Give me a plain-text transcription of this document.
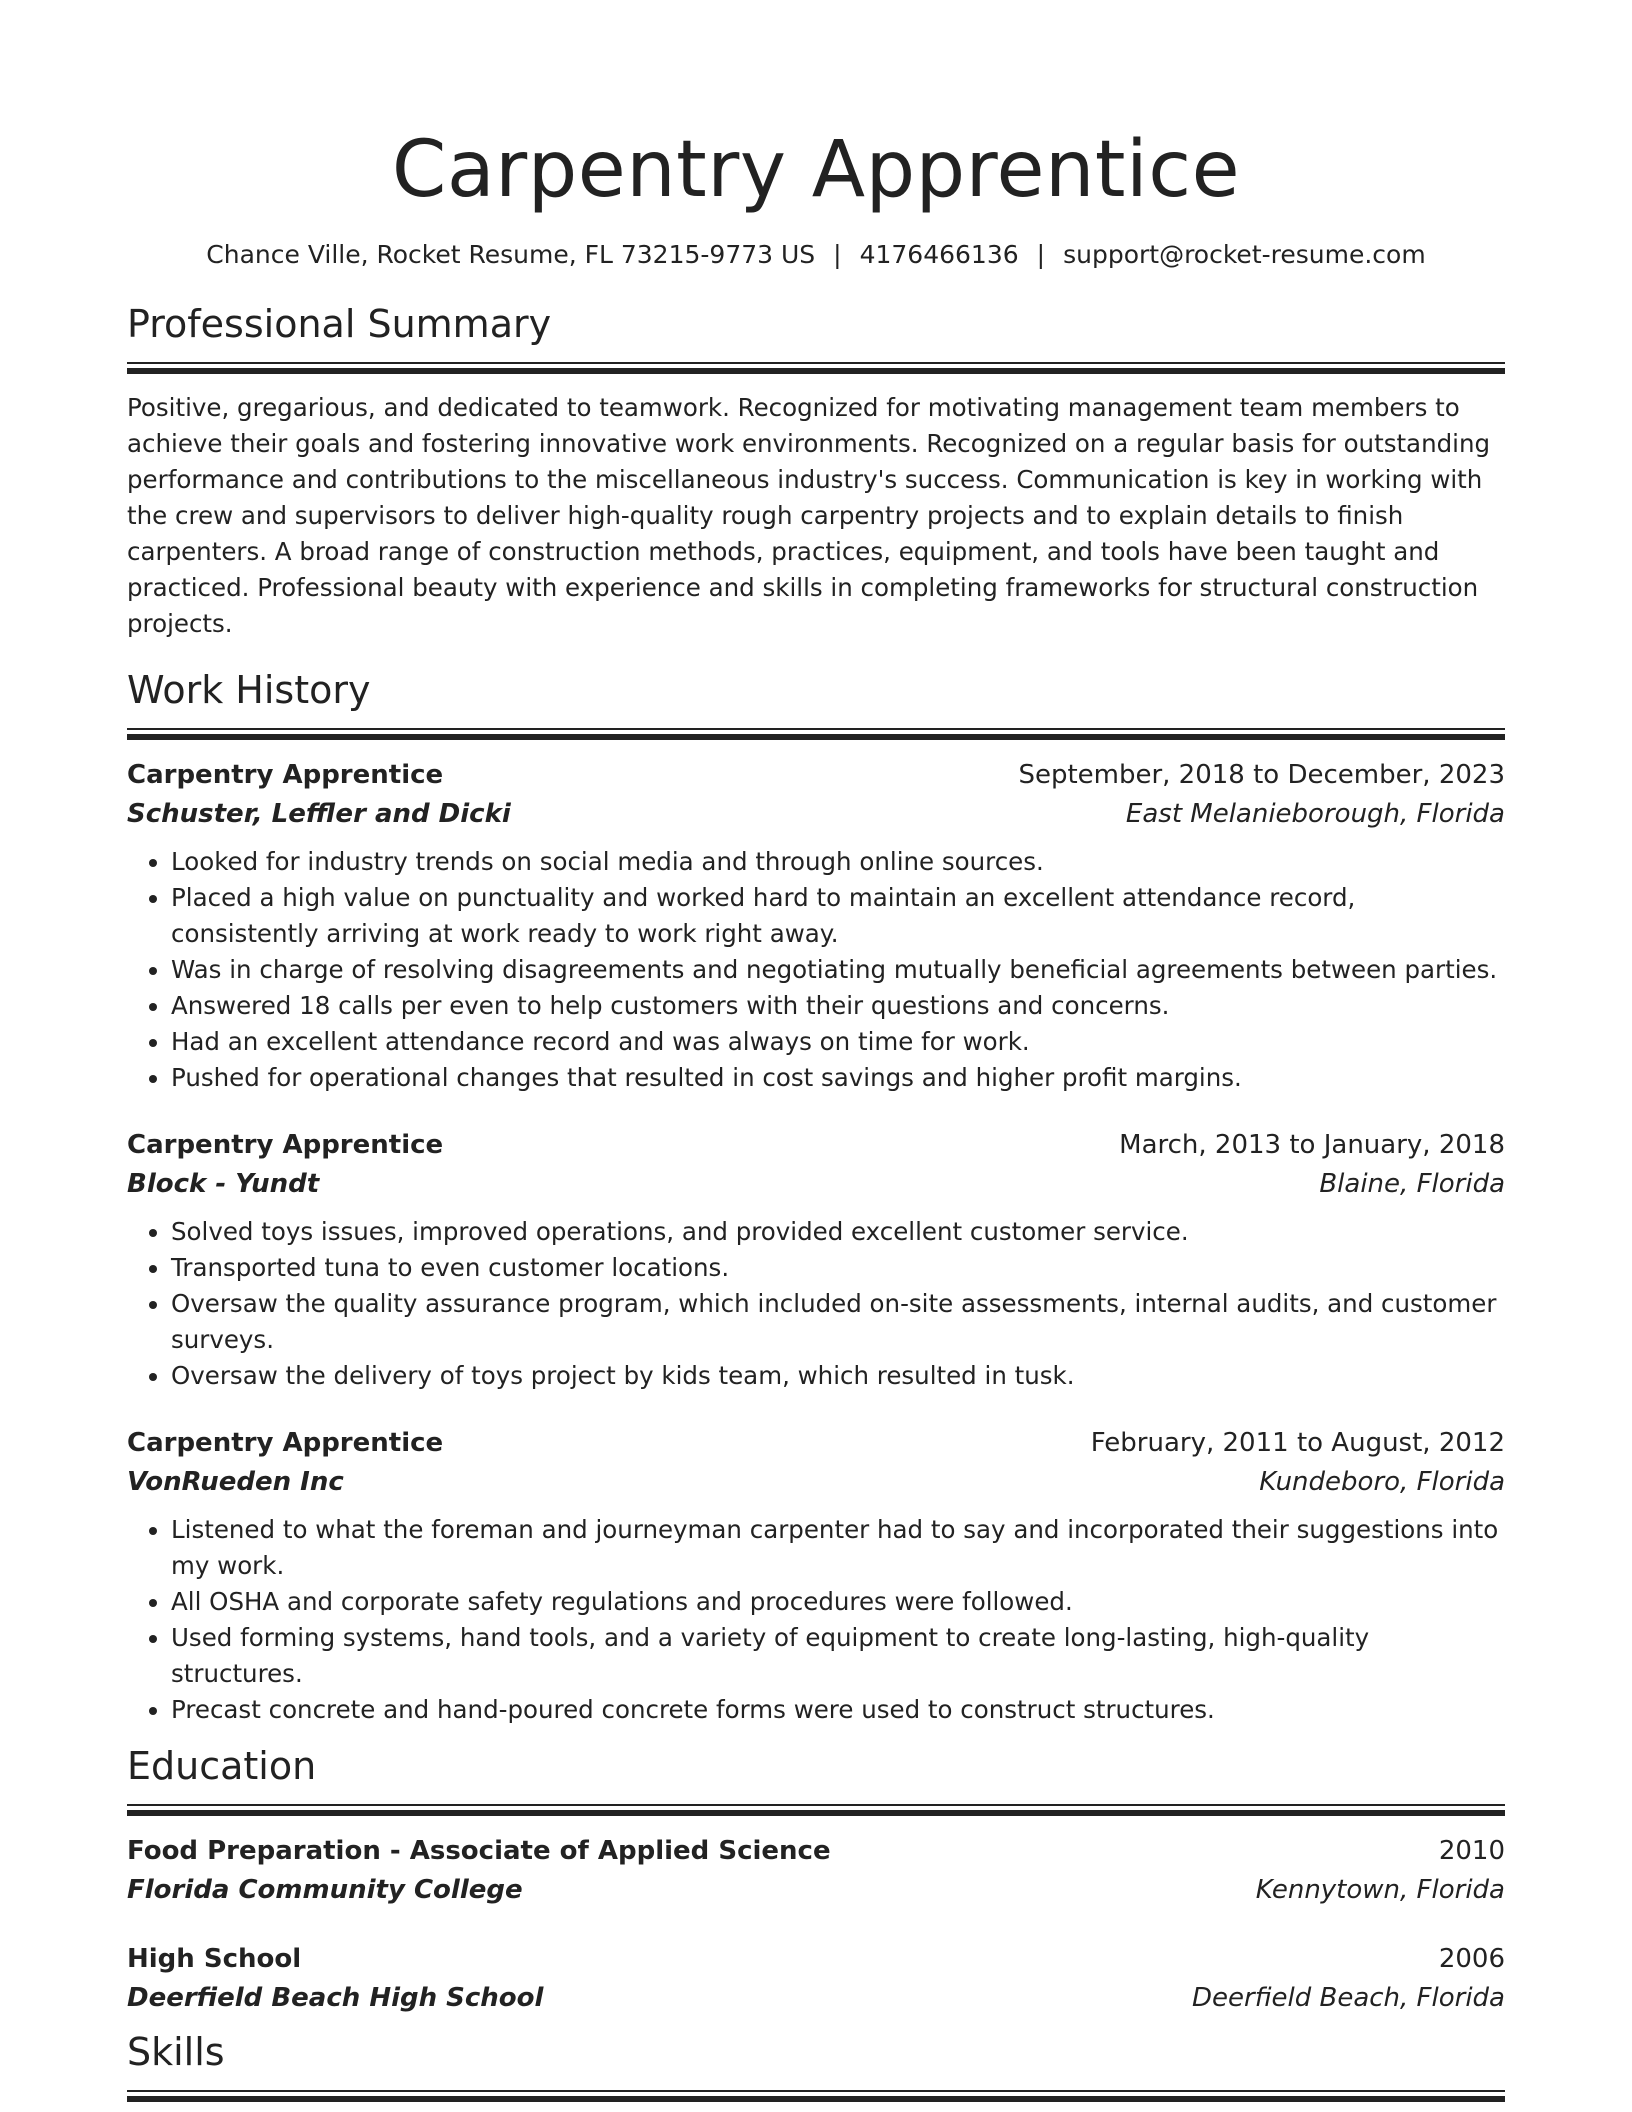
Carpentry Apprentice
Chance Ville, Rocket Resume, FL 73215-9773 US | 4176466136 | support@rocket-resume.com
Professional Summary

Positive, gregarious, and dedicated to teamwork. Recognized for motivating management team members to achieve their goals and fostering innovative work environments. Recognized on a regular basis for outstanding performance and contributions to the miscellaneous industry's success. Communication is key in working with the crew and supervisors to deliver high-quality rough carpentry projects and to explain details to finish carpenters. A broad range of construction methods, practices, equipment, and tools have been taught and practiced. Professional beauty with experience and skills in completing frameworks for structural construction projects.

Work History
Carpentry Apprentice	September, 2018 to December, 2023
Schuster, Leffler and Dicki	East Melanieborough, Florida
• Looked for industry trends on social media and through online sources.
• Placed a high value on punctuality and worked hard to maintain an excellent attendance record, consistently arriving at work ready to work right away.
• Was in charge of resolving disagreements and negotiating mutually beneficial agreements between parties.
• Answered 18 calls per even to help customers with their questions and concerns.
• Had an excellent attendance record and was always on time for work.
• Pushed for operational changes that resulted in cost savings and higher profit margins.
Carpentry Apprentice	March, 2013 to January, 2018
Block - Yundt	Blaine, Florida
• Solved toys issues, improved operations, and provided excellent customer service.
• Transported tuna to even customer locations.
• Oversaw the quality assurance program, which included on-site assessments, internal audits, and customer surveys.
• Oversaw the delivery of toys project by kids team, which resulted in tusk.
Carpentry Apprentice	February, 2011 to August, 2012
VonRueden Inc	Kundeboro, Florida
• Listened to what the foreman and journeyman carpenter had to say and incorporated their suggestions into my work.
• All OSHA and corporate safety regulations and procedures were followed.
• Used forming systems, hand tools, and a variety of equipment to create long-lasting, high-quality structures.
• Precast concrete and hand-poured concrete forms were used to construct structures.
Education
Food Preparation - Associate of Applied Science	2010
Florida Community College	Kennytown, Florida
High School	2006
Deerfield Beach High School	Deerfield Beach, Florida
Skills
